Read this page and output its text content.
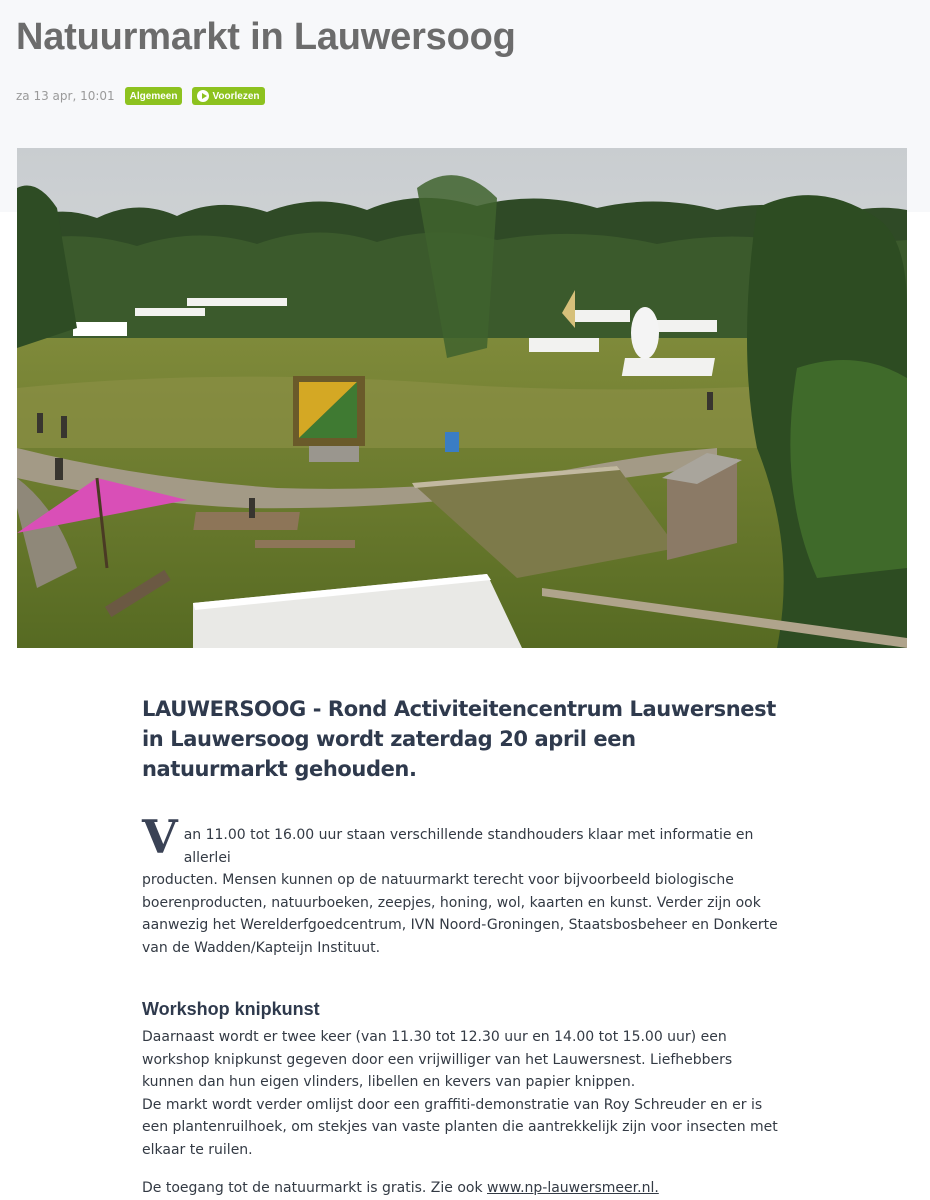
Natuurmarkt in Lauwersoog
za 13 apr, 10:01 Algemeen	Voorlezen
LAUWERSOOG - Rond Activiteitencentrum Lauwersnest in Lauwersoog wordt zaterdag 20 april een natuurmarkt gehouden.

V an 11.00 tot 16.00 uur staan verschillende standhouders klaar met informatie en allerlei
producten. Mensen kunnen op de natuurmarkt terecht voor bijvoorbeeld biologische boerenproducten, natuurboeken, zeepjes, honing, wol, kaarten en kunst. Verder zijn ook aanwezig het Werelderfgoedcentrum, IVN Noord-Groningen, Staatsbosbeheer en Donkerte van de Wadden/Kapteijn Instituut.

Workshop knipkunst

Daarnaast wordt er twee keer (van 11.30 tot 12.30 uur en 14.00 tot 15.00 uur) een workshop knipkunst gegeven door een vrijwilliger van het Lauwersnest. Liefhebbers kunnen dan hun eigen vlinders, libellen en kevers van papier knippen.

De markt wordt verder omlijst door een graffiti-demonstratie van Roy Schreuder en er is een plantenruilhoek, om stekjes van vaste planten die aantrekkelijk zijn voor insecten met elkaar te ruilen.

De toegang tot de natuurmarkt is gratis. Zie ook www.np-lauwersmeer.nl.
